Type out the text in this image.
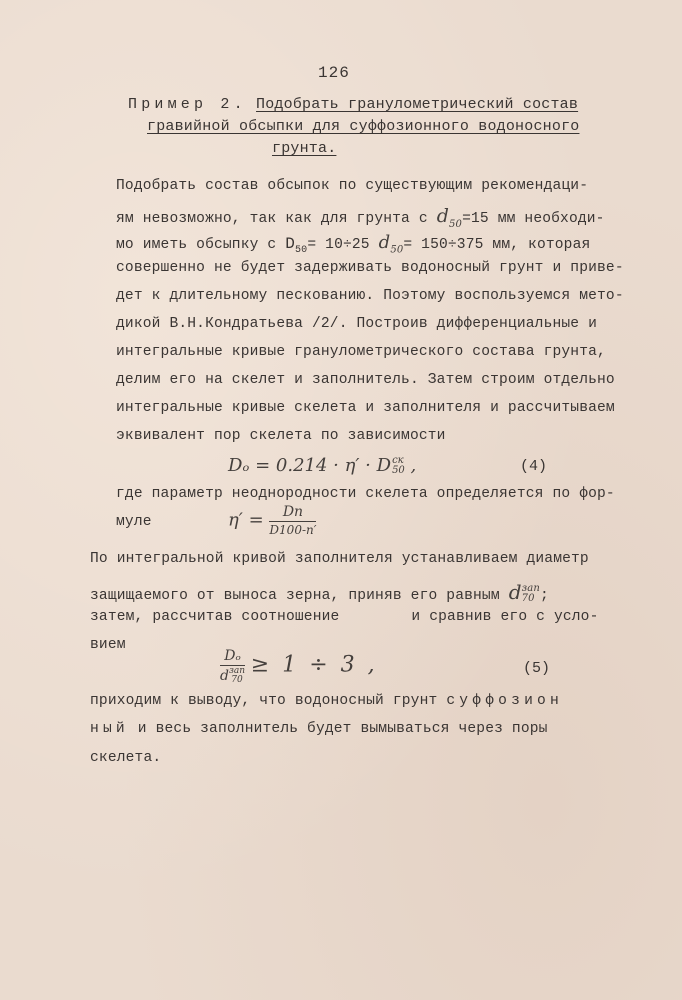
126
Пример 2. Подобрать гранулометрический состав
гравийной обсыпки для суффозионного водоносного
грунта.
Подобрать состав обсыпок по существующим рекомендаци-
ям невозможно, так как для грунта с $d_{50}=15$ мм необходи-
мо иметь обсыпку с $D_{50}= 10\div 25$ $d_{50}= 150\div 375$ мм, которая
совершенно не будет задерживать водоносный грунт и приве-
дет к длительному пескованию. Поэтому воспользуемся мето-
дикой В.Н.Кондратьева /2/. Построив дифференциальные и
интегральные кривые гранулометрического состава грунта,
делим его на скелет и заполнитель. Затем строим отдельно
интегральные кривые скелета и заполнителя и рассчитываем
эквивалент пор скелета по зависимости
Dₒ = 0.214 · η′ · D ск
50 ,	(4)
где параметр неоднородности скелета определяется по фор-
муле	$\eta' = \frac{Dn}{D100-n'}$
По интегральной кривой заполнителя устанавливаем диаметр
защищаемого от выноса зерна, приняв его равным d зап
70 ;
затем, рассчитав соотношение	и сравнив его с усло-
вием
Dₒ
d зап
70 ≥ 1 ÷ 3 ,	(5)
приходим к выводу, что водоносный грунт суффозион
ный и весь заполнитель будет вымываться через поры
скелета.
